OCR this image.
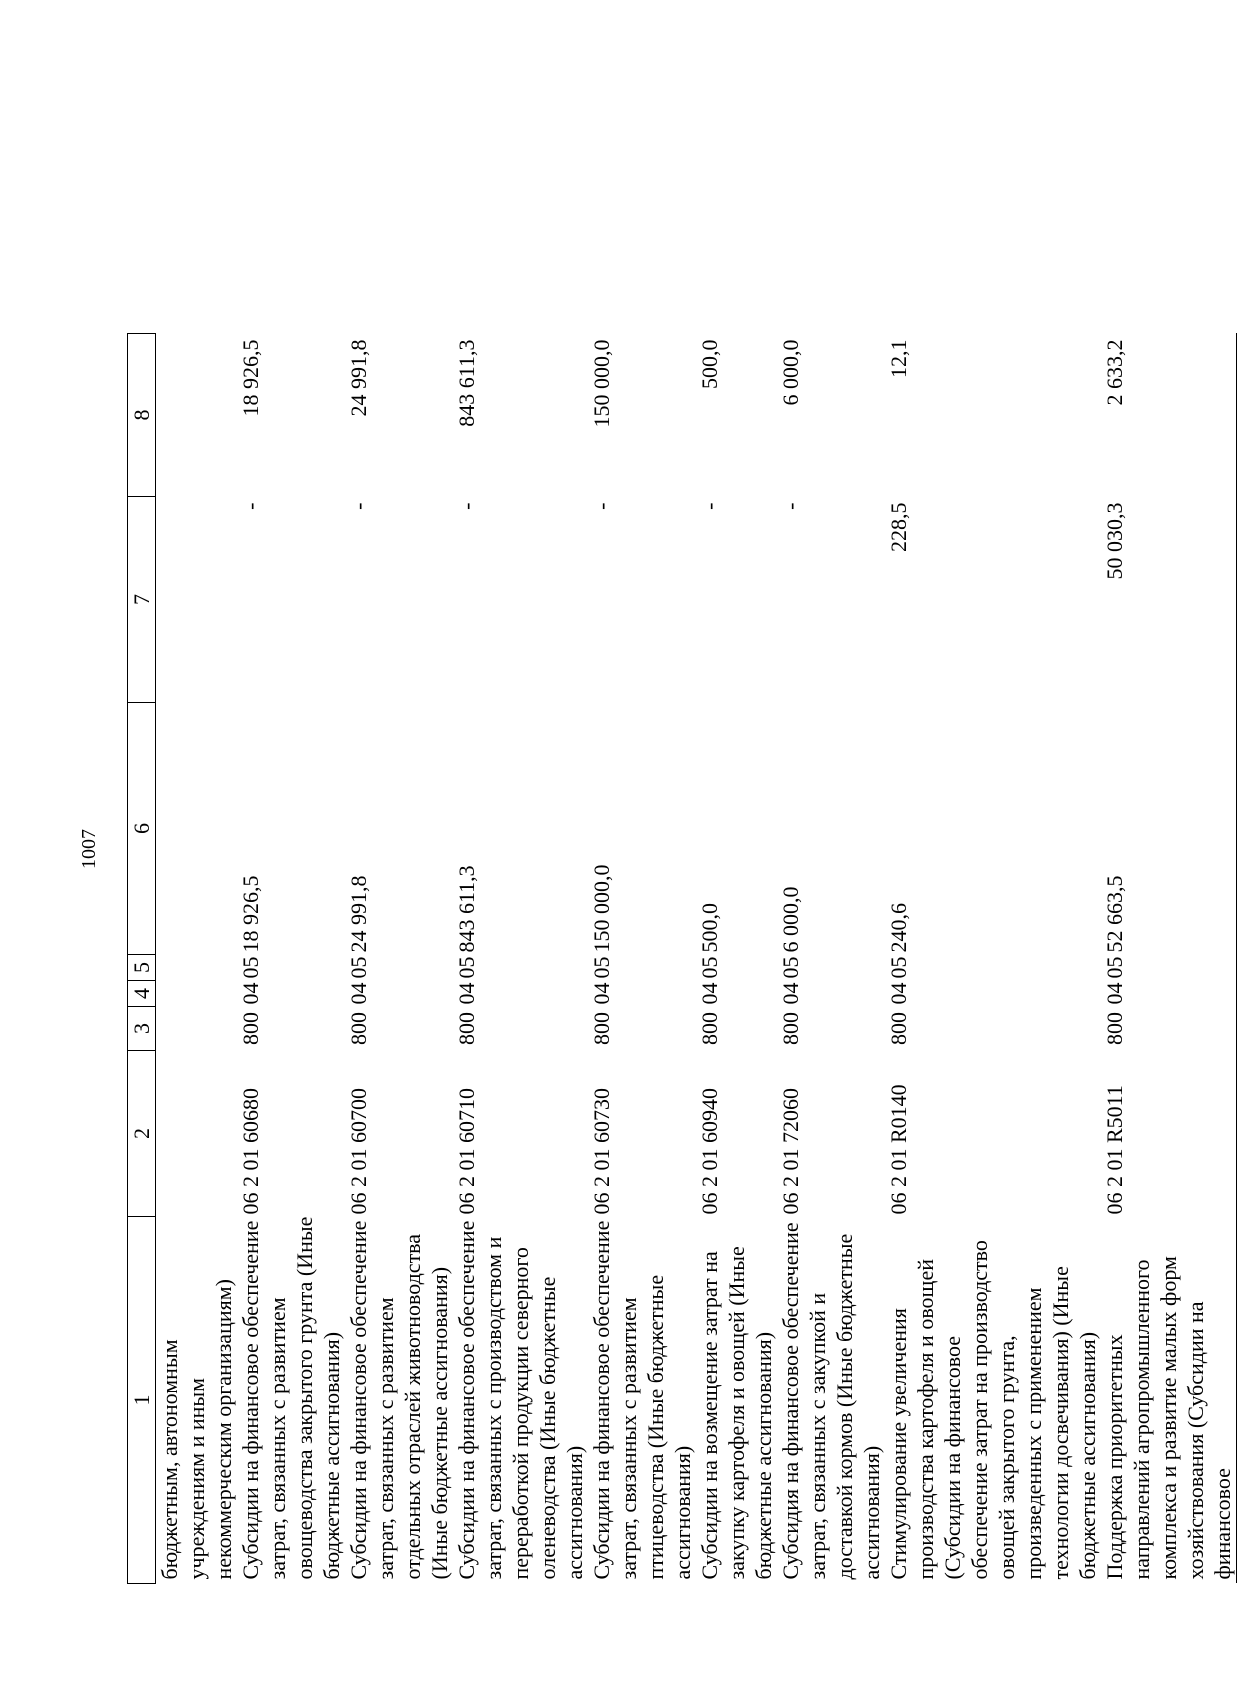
1007
1	2	3	4	5	6	7	8
бюджетным, автономным учреждениям и иным некоммерческим организациям)							
Субсидии на финансовое обеспечение затрат, связанных с развитием овощеводства закрытого грунта (Иные бюджетные ассигнования)	06 2 01 60680	800	04	05	18 926,5	-	18 926,5
Субсидии на финансовое обеспечение затрат, связанных с развитием отдельных отраслей животноводства (Иные бюджетные ассигнования)	06 2 01 60700	800	04	05	24 991,8	-	24 991,8
Субсидии на финансовое обеспечение затрат, связанных с производством и переработкой продукции северного оленеводства (Иные бюджетные ассигнования)	06 2 01 60710	800	04	05	843 611,3	-	843 611,3
Субсидии на финансовое обеспечение затрат, связанных с развитием птицеводства (Иные бюджетные ассигнования)	06 2 01 60730	800	04	05	150 000,0	-	150 000,0
Субсидии на возмещение затрат на закупку картофеля и овощей (Иные бюджетные ассигнования)	06 2 01 60940	800	04	05	500,0	-	500,0
Субсидия на финансовое обеспечение затрат, связанных с закупкой и доставкой кормов (Иные бюджетные ассигнования)	06 2 01 72060	800	04	05	6 000,0	-	6 000,0
Стимулирование увеличения производства картофеля и овощей (Субсидии на финансовое обеспечение затрат на производство овощей закрытого грунта, произведенных с применением технологии досвечивания) (Иные бюджетные ассигнования)	06 2 01 R0140	800	04	05	240,6	228,5	12,1
Поддержка приоритетных направлений агропромышленного комплекса и развитие малых форм хозяйствования (Субсидии на финансовое	06 2 01 R5011	800	04	05	52 663,5	50 030,3	2 633,2
